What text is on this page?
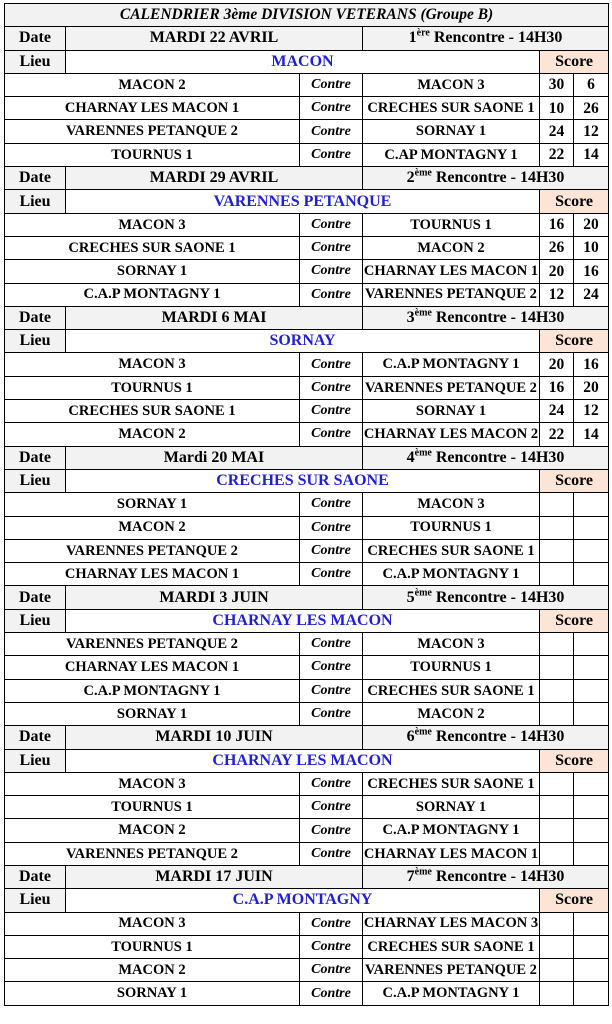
CALENDRIER 3ème DIVISION VETERANS (Groupe B)					
Date	MARDI 22 AVRIL		1ère Rencontre - 14H30		
Lieu	MACON			Score	
MACON 2		Contre	MACON 3	30	6
CHARNAY LES MACON 1		Contre	CRECHES SUR SAONE 1	10	26
VARENNES PETANQUE 2		Contre	SORNAY 1	24	12
TOURNUS 1		Contre	C.AP MONTAGNY 1	22	14
Date	MARDI 29 AVRIL		2ème Rencontre - 14H30		
Lieu	VARENNES PETANQUE			Score	
MACON 3		Contre	TOURNUS 1	16	20
CRECHES SUR SAONE 1		Contre	MACON 2	26	10
SORNAY 1		Contre	CHARNAY LES MACON 1	20	16
C.A.P MONTAGNY 1		Contre	VARENNES PETANQUE 2	12	24
Date	MARDI 6 MAI		3ème Rencontre - 14H30		
Lieu	SORNAY			Score	
MACON 3		Contre	C.A.P MONTAGNY 1	20	16
TOURNUS 1		Contre	VARENNES PETANQUE 2	16	20
CRECHES SUR SAONE 1		Contre	SORNAY 1	24	12
MACON 2		Contre	CHARNAY LES MACON 2	22	14
Date	Mardi 20 MAI		4ème Rencontre - 14H30		
Lieu	CRECHES SUR SAONE			Score	
SORNAY 1		Contre	MACON 3		
MACON 2		Contre	TOURNUS 1		
VARENNES PETANQUE 2		Contre	CRECHES SUR SAONE 1		
CHARNAY LES MACON 1		Contre	C.A.P MONTAGNY 1		
Date	MARDI 3 JUIN		5ème Rencontre - 14H30		
Lieu	CHARNAY LES MACON			Score	
VARENNES PETANQUE 2		Contre	MACON 3		
CHARNAY LES MACON 1		Contre	TOURNUS 1		
C.A.P MONTAGNY 1		Contre	CRECHES SUR SAONE 1		
SORNAY 1		Contre	MACON 2		
Date	MARDI 10 JUIN		6ème Rencontre - 14H30		
Lieu	CHARNAY LES MACON			Score	
MACON 3		Contre	CRECHES SUR SAONE 1		
TOURNUS 1		Contre	SORNAY 1		
MACON 2		Contre	C.A.P MONTAGNY 1		
VARENNES PETANQUE 2		Contre	CHARNAY LES MACON 1		
Date	MARDI 17 JUIN		7ème Rencontre - 14H30		
Lieu	C.A.P MONTAGNY			Score	
MACON 3		Contre	CHARNAY LES MACON 3		
TOURNUS 1		Contre	CRECHES SUR SAONE 1		
MACON 2		Contre	VARENNES PETANQUE 2		
SORNAY 1		Contre	C.A.P MONTAGNY 1		
